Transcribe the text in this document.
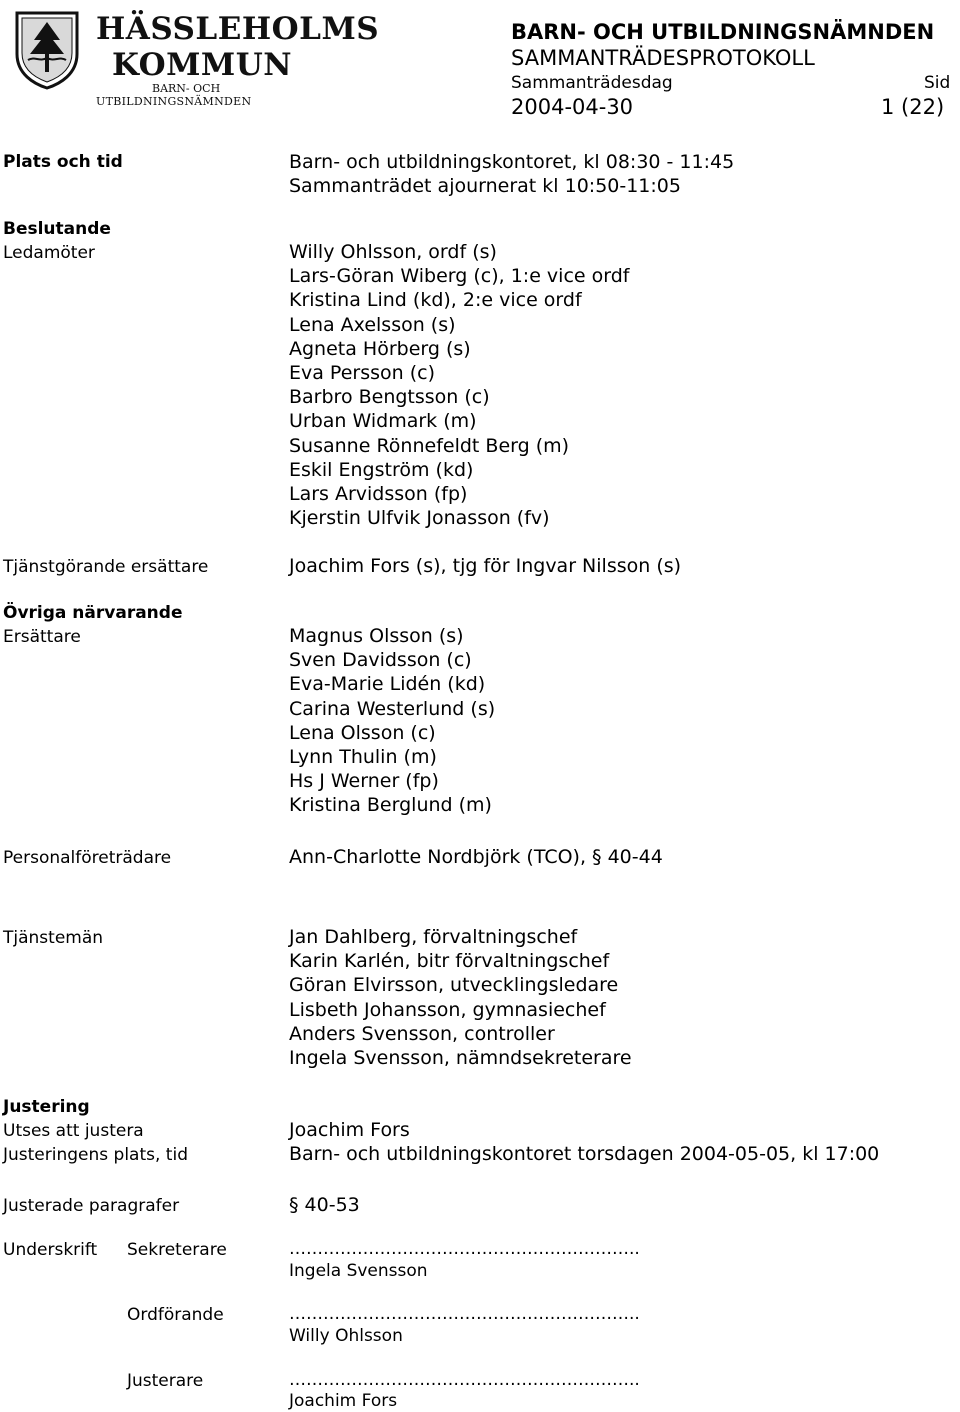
HÄSSLEHOLMS
KOMMUN
BARN- OCH
UTBILDNINGSNÄMNDEN
BARN- OCH UTBILDNINGSNÄMNDEN
SAMMANTRÄDESPROTOKOLL
Sammanträdesdag	Sid
2004-04-30	1 (22)
Plats och tid	Barn- och utbildningskontoret, kl 08:30 - 11:45
Sammanträdet ajournerat kl 10:50-11:05
Beslutande
Ledamöter	Willy Ohlsson, ordf (s)
Lars-Göran Wiberg (c), 1:e vice ordf
Kristina Lind (kd), 2:e vice ordf
Lena Axelsson (s)
Agneta Hörberg (s)
Eva Persson (c)
Barbro Bengtsson (c)
Urban Widmark (m)
Susanne Rönnefeldt Berg (m)
Eskil Engström (kd)
Lars Arvidsson (fp)
Kjerstin Ulfvik Jonasson (fv)
Tjänstgörande ersättare	Joachim Fors (s), tjg för Ingvar Nilsson (s)
Övriga närvarande
Ersättare	Magnus Olsson (s)
Sven Davidsson (c)
Eva-Marie Lidén (kd)
Carina Westerlund (s)
Lena Olsson (c)
Lynn Thulin (m)
Hs J Werner (fp)
Kristina Berglund (m)
Personalföreträdare	Ann-Charlotte Nordbjörk (TCO), § 40-44
Tjänstemän	Jan Dahlberg, förvaltningschef
Karin Karlén, bitr förvaltningschef
Göran Elvirsson, utvecklingsledare
Lisbeth Johansson, gymnasiechef
Anders Svensson, controller
Ingela Svensson, nämndsekreterare
Justering
Utses att justera	Joachim Fors
Justeringens plats, tid	Barn- och utbildningskontoret torsdagen 2004-05-05, kl 17:00
Justerade paragrafer	§ 40-53
Underskrift Sekreterare	……………………………………………………..
Ingela Svensson
Ordförande	……………………………………………………..
Willy Ohlsson
Justerare	……………………………………………………..
Joachim Fors
